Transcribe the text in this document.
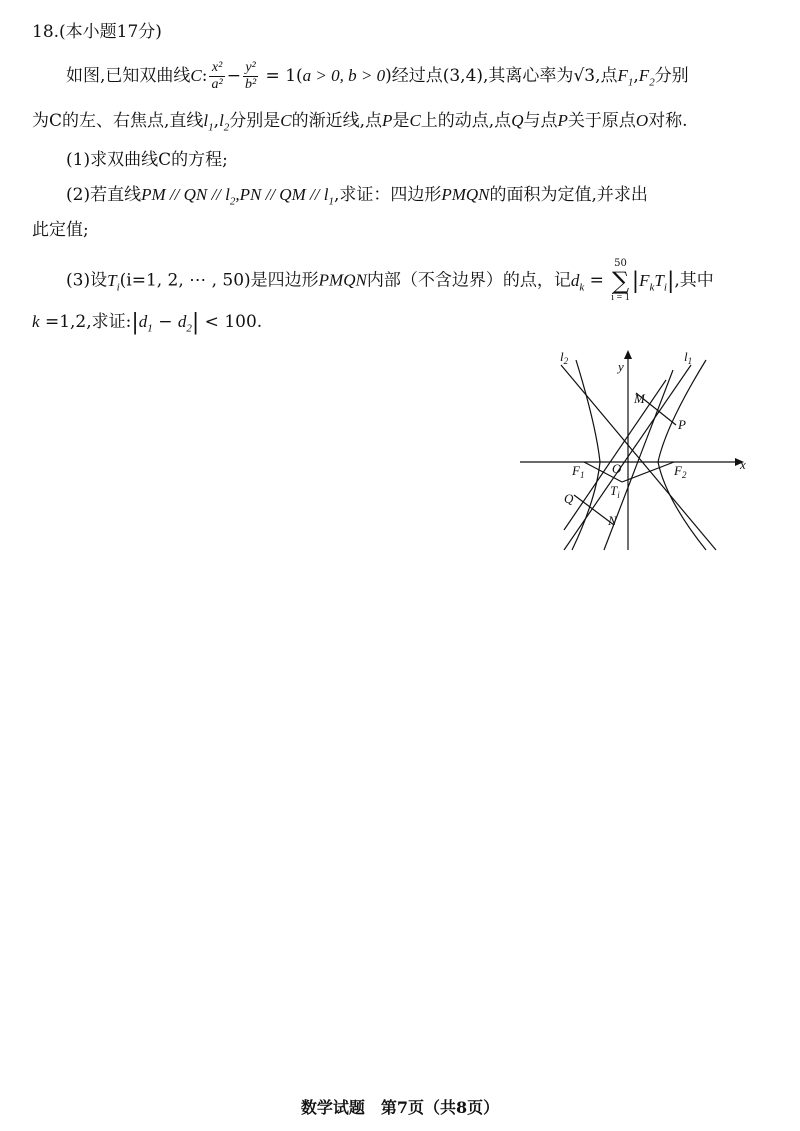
18.(本小题17分)
如图,已知双曲线C: $\frac{\text{x²}}{\text{a²}} - \frac{\text{y²}}{\text{b²}} = 1(a > 0$, b > 0)经过点(3,4),其离心率为√3,点$F_1,F_2$分别
为C的左、右焦点,直线$l_1,l_2$分别是C的渐近线,点P是C上的动点,点Q与点P关于原点O对称.
(1)求双曲线C的方程;
(2)若直线PM // QN // $l_2,PN$ // QM // $l_1$,求证：四边形PMQN的面积为定值,并求出
此定值;
(3)设$T_i(i=1$, 2, ⋯ , 50)是四边形PMQN内部（不含边界）的点，记$d_k$ =
50
∑
i = 1
$|F_kT_i|$,其中
k =1,2,求证$:|d_1 - d_2| < 100$.
$l_2$	$l_1$
y
x
M
P
$F_1$ O	$F_2$
Q
$T_i$
N
数学试题　第7页（共8页）
